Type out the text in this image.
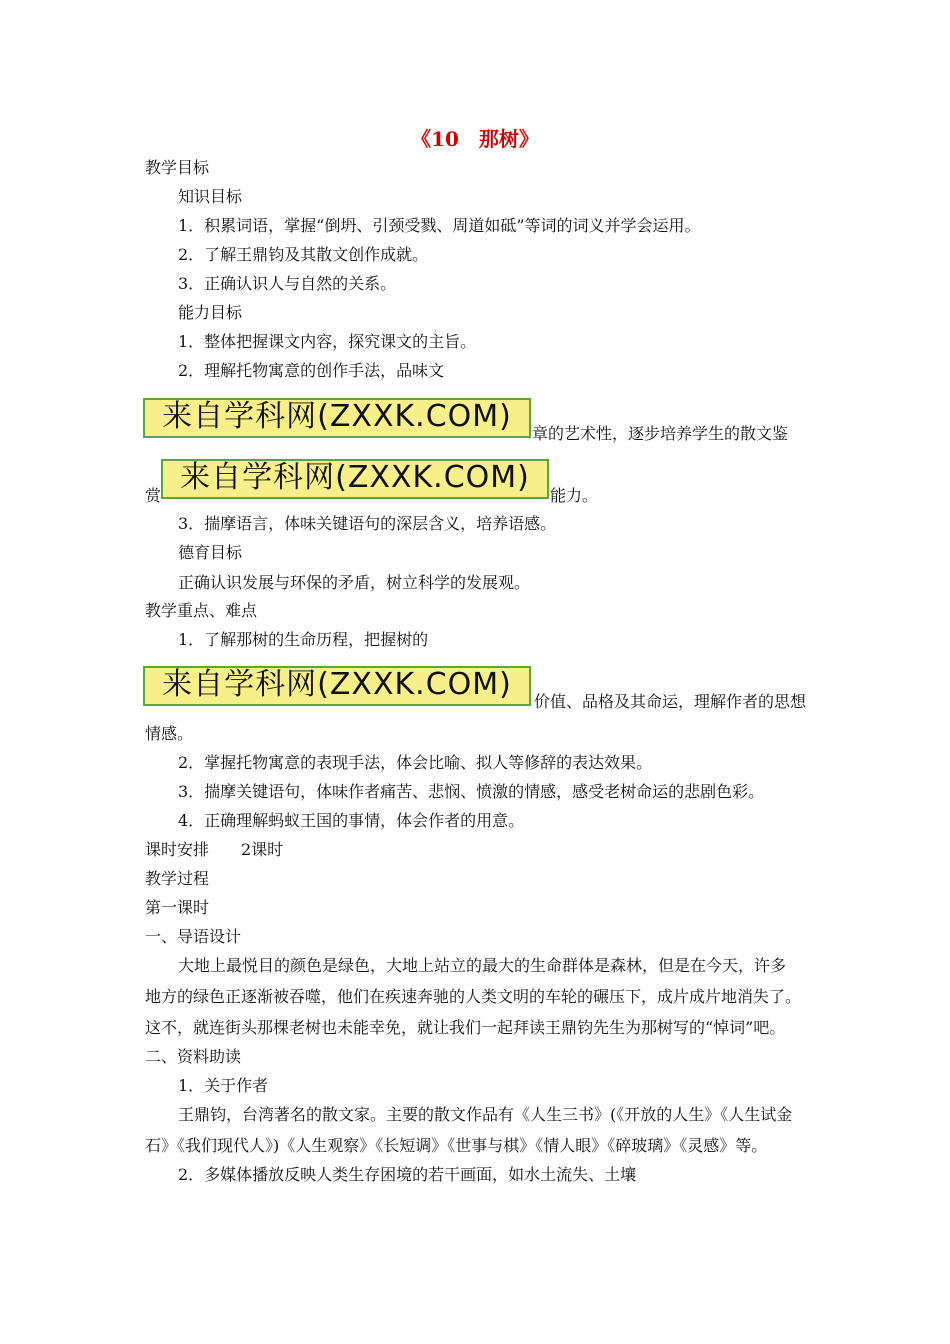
《10　那树》
教学目标
知识目标
1．积累词语，掌握“倒坍、引颈受戮、周道如砥”等词的词义并学会运用。
2．了解王鼎钧及其散文创作成就。
3．正确认识人与自然的关系。
能力目标
1．整体把握课文内容，探究课文的主旨。
2．理解托物寓意的创作手法，品味文
来自学科网(ZXXK.COM)	章的艺术性，逐步培养学生的散文鉴
赏
来自学科网(ZXXK.COM)
能力。
3．揣摩语言，体味关键语句的深层含义，培养语感。
德育目标
正确认识发展与环保的矛盾，树立科学的发展观。
教学重点、难点
1．了解那树的生命历程，把握树的
来自学科网(ZXXK.COM)	价值、品格及其命运，理解作者的思想
情感。
2．掌握托物寓意的表现手法，体会比喻、拟人等修辞的表达效果。
3．揣摩关键语句，体味作者痛苦、悲悯、愤激的情感，感受老树命运的悲剧色彩。
4．正确理解蚂蚁王国的事情，体会作者的用意。
课时安排　　2课时
教学过程
第一课时
一、导语设计
大地上最悦目的颜色是绿色，大地上站立的最大的生命群体是森林，但是在今天，许多
地方的绿色正逐渐被吞噬，他们在疾速奔驰的人类文明的车轮的碾压下，成片成片地消失了。
这不，就连街头那棵老树也未能幸免，就让我们一起拜读王鼎钧先生为那树写的“悼词”吧。
二、资料助读
1．关于作者
王鼎钧，台湾著名的散文家。主要的散文作品有《人生三书》(《开放的人生》《人生试金
石》《我们现代人》)《人生观察》《长短调》《世事与棋》《情人眼》《碎玻璃》《灵感》等。
2．多媒体播放反映人类生存困境的若干画面，如水土流失、土壤
